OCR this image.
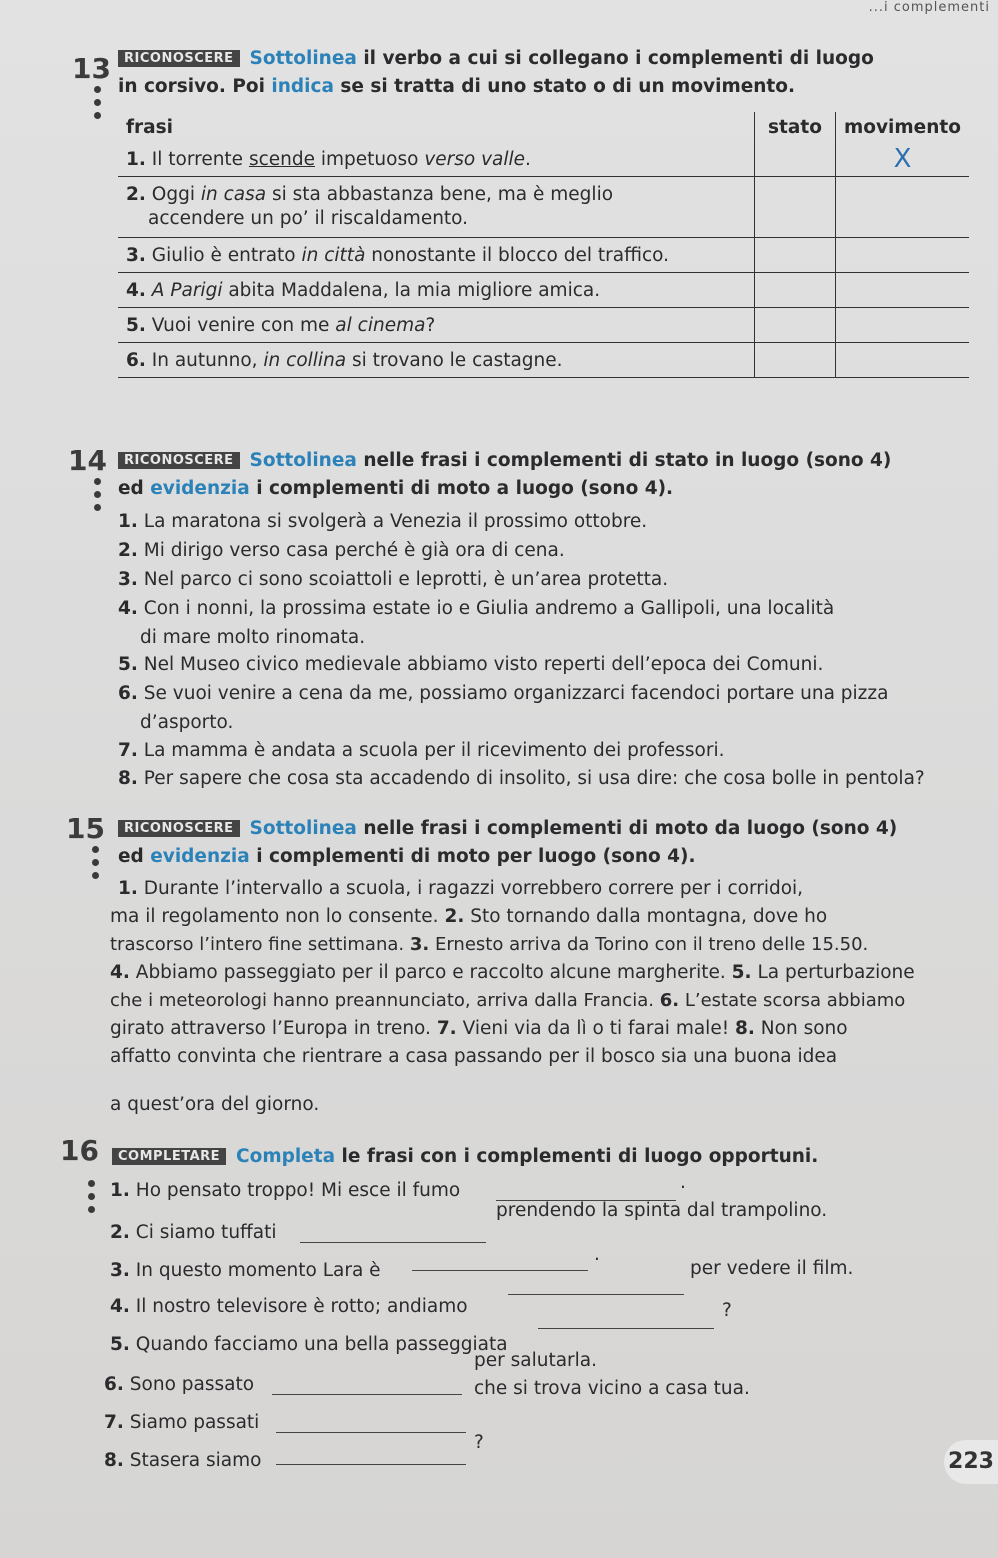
...i complementi
13	RICONOSCERE Sottolinea il verbo a cui si collegano i complementi di luogo
in corsivo. Poi indica se si tratta di uno stato o di un movimento.
frasi	stato	movimento
1. Il torrente scende impetuoso verso valle.		X
2. Oggi in casa si sta abbastanza bene, ma è meglio
accendere un po’ il riscaldamento.		
3. Giulio è entrato in città nonostante il blocco del traffico.		
4. A Parigi abita Maddalena, la mia migliore amica.		
5. Vuoi venire con me al cinema?		
6. In autunno, in collina si trovano le castagne.		
14	RICONOSCERE Sottolinea nelle frasi i complementi di stato in luogo (sono 4)
ed evidenzia i complementi di moto a luogo (sono 4).
1. La maratona si svolgerà a Venezia il prossimo ottobre.
2. Mi dirigo verso casa perché è già ora di cena.
3. Nel parco ci sono scoiattoli e leprotti, è un’area protetta.
4. Con i nonni, la prossima estate io e Giulia andremo a Gallipoli, una località
di mare molto rinomata.
5. Nel Museo civico medievale abbiamo visto reperti dell’epoca dei Comuni.
6. Se vuoi venire a cena da me, possiamo organizzarci facendoci portare una pizza
d’asporto.
7. La mamma è andata a scuola per il ricevimento dei professori.
8. Per sapere che cosa sta accadendo di insolito, si usa dire: che cosa bolle in pentola?
15	RICONOSCERE Sottolinea nelle frasi i complementi di moto da luogo (sono 4)
ed evidenzia i complementi di moto per luogo (sono 4).
1. Durante l’intervallo a scuola, i ragazzi vorrebbero correre per i corridoi,
ma il regolamento non lo consente. 2. Sto tornando dalla montagna, dove ho
trascorso l’intero fine settimana. 3. Ernesto arriva da Torino con il treno delle 15.50.
4. Abbiamo passeggiato per il parco e raccolto alcune margherite. 5. La perturbazione
che i meteorologi hanno preannunciato, arriva dalla Francia. 6. L’estate scorsa abbiamo
girato attraverso l’Europa in treno. 7. Vieni via da lì o ti farai male! 8. Non sono
affatto convinta che rientrare a casa passando per il bosco sia una buona idea
a quest’ora del giorno.
16	COMPLETARE Completa le frasi con i complementi di luogo opportuni.
1. Ho pensato troppo! Mi esce il fumo	.
2. Ci siamo tuffati
prendendo la spinta dal trampolino.
3. In questo momento Lara è
.
4. Il nostro televisore è rotto; andiamo
per vedere il film.
5. Quando facciamo una bella passeggiata
?
6. Sono passato
per salutarla.
7. Siamo passati
che si trova vicino a casa tua.
8. Stasera siamo
?
223
